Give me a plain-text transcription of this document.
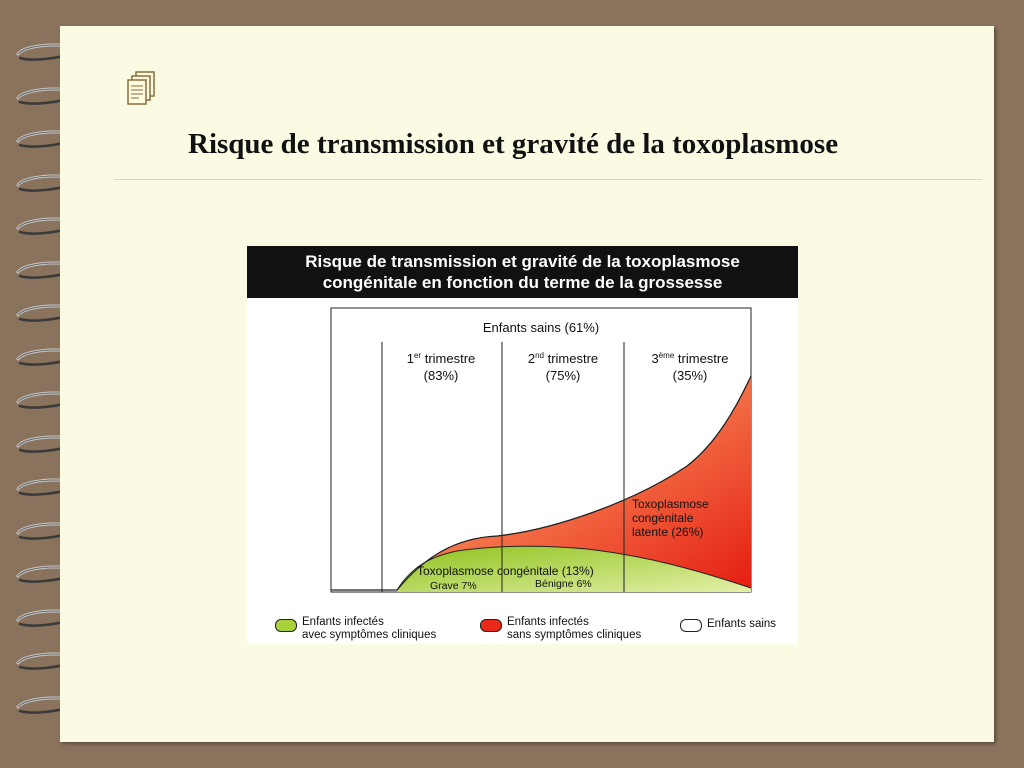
Risque de transmission et gravité de la toxoplasmose
Risque de transmission et gravité de la toxoplasmose
congénitale en fonction du terme de la grossesse
Enfants sains (61%)
1er trimestre
(83%)
2nd trimestre
(75%)
3ème trimestre
(35%)
Toxoplasmose
congénitale
latente (26%)
Toxoplasmose congénitale (13%)
Grave 7%	Bénigne 6%
Enfants infectés
avec symptômes cliniques
Enfants infectés
sans symptômes cliniques
Enfants sains
